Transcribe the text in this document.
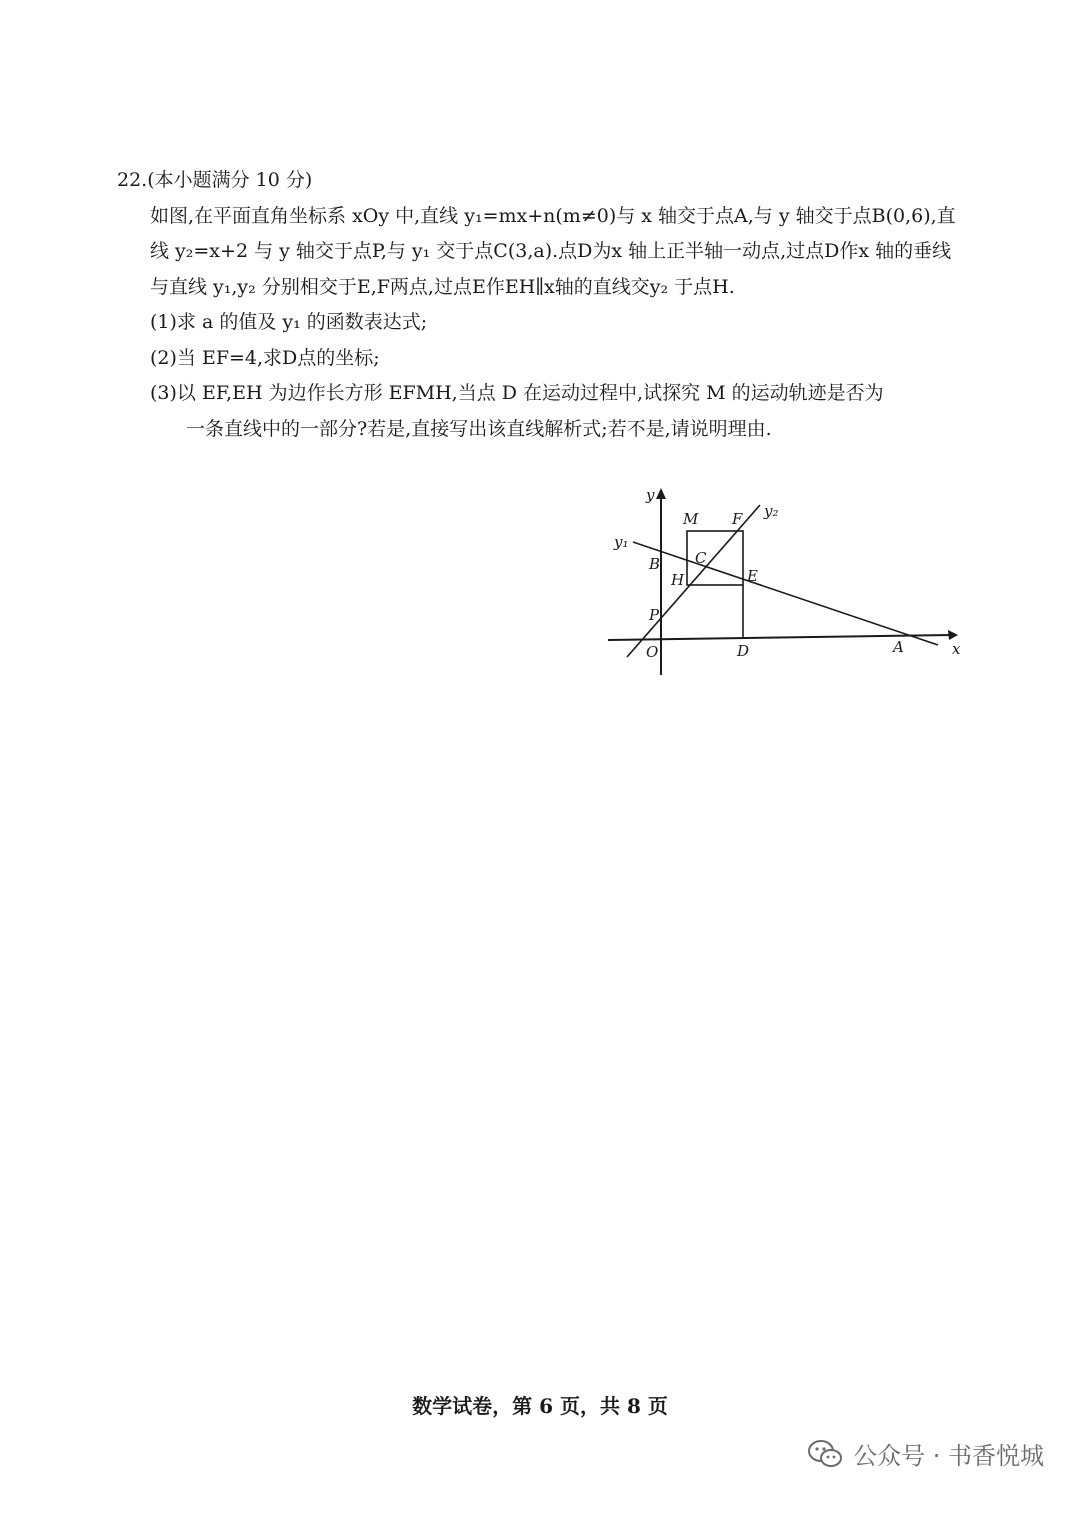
22.(本小题满分 10 分)
如图,在平面直角坐标系 xOy 中,直线 y₁=mx+n(m≠0)与 x 轴交于点A,与 y 轴交于点B(0,6),直线 y₂=x+2 与 y 轴交于点P,与 y₁ 交于点C(3,a).点D为x 轴上正半轴一动点,过点D作x 轴的垂线与直线 y₁,y₂ 分别相交于E,F两点,过点E作EH∥x轴的直线交y₂ 于点H.
(1)求 a 的值及 y₁ 的函数表达式;
(2)当 EF=4,求D点的坐标;
(3)以 EF,EH 为边作长方形 EFMH,当点 D 在运动过程中,试探究 M 的运动轨迹是否为
一条直线中的一部分?若是,直接写出该直线解析式;若不是,请说明理由.
y
x
O
y₁
y₂
M F
C
B
H	E
P
D	A
数学试卷，第 6 页，共 8 页
公众号 · 书香悦城
